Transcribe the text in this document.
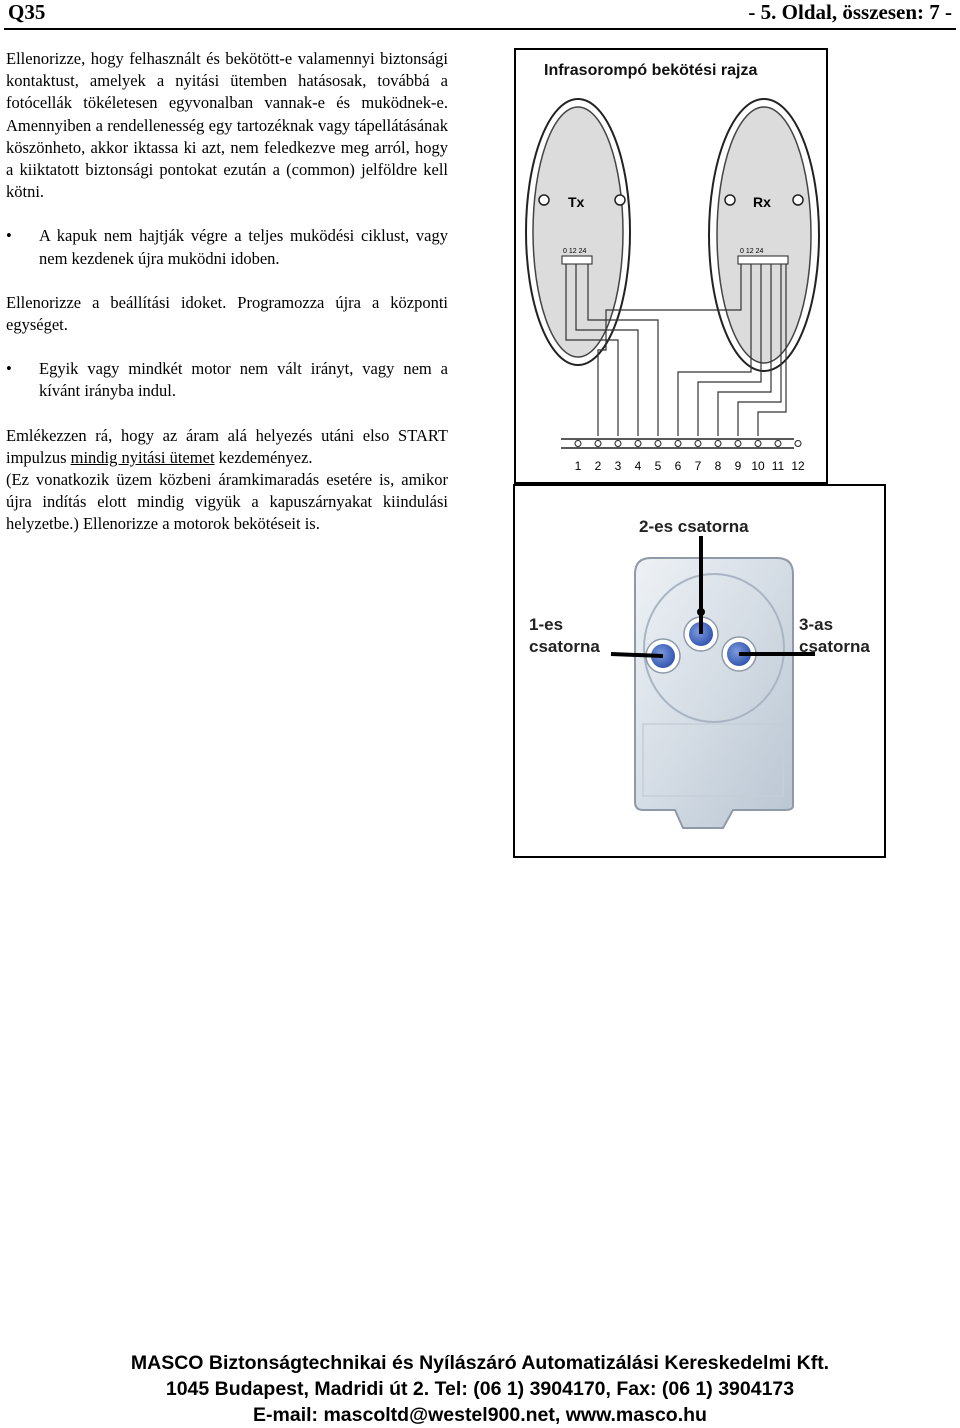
Q35	- 5. Oldal, összesen: 7 -

Ellenorizze, hogy felhasznált és bekötött-e valamennyi biztonsági kontaktust, amelyek a nyitási ütemben hatásosak, továbbá a fotócellák tökéletesen egyvonalban vannak-e és muködnek-e. Amennyiben a rendellenesség egy tartozéknak vagy tápellátásának köszönheto, akkor iktassa ki azt, nem feledkezve meg arról, hogy a kiiktatott biztonsági pontokat ezután a (common) jelföldre kell kötni.

• A kapuk nem hajtják végre a teljes muködési ciklust, vagy nem kezdenek újra muködni idoben.

Ellenorizze a beállítási idoket. Programozza újra a központi egységet.

• Egyik vagy mindkét motor nem vált irányt, vagy nem a kívánt irányba indul.

Emlékezzen rá, hogy az áram alá helyezés utáni elso START impulzus mindig nyitási ütemet kezdeményez.

(Ez vonatkozik üzem közbeni áramkimaradás esetére is, amikor újra indítás elott mindig vigyük a kapuszárnyakat kiindulási helyzetbe.) Ellenorizze a motorok bekötéseit is.

Infrasorompó bekötési rajza
Tx
0 12 24
Rx
0 12 24
1 2 3 4 5 6 7 8 9 10 11 12
2-es csatorna
1-es
csatorna
3-as
csatorna
MASCO Biztonságtechnikai és Nyílászáró Automatizálási Kereskedelmi Kft.
1045 Budapest, Madridi út 2. Tel: (06 1) 3904170, Fax: (06 1) 3904173
E-mail: mascoltd@westel900.net, www.masco.hu
